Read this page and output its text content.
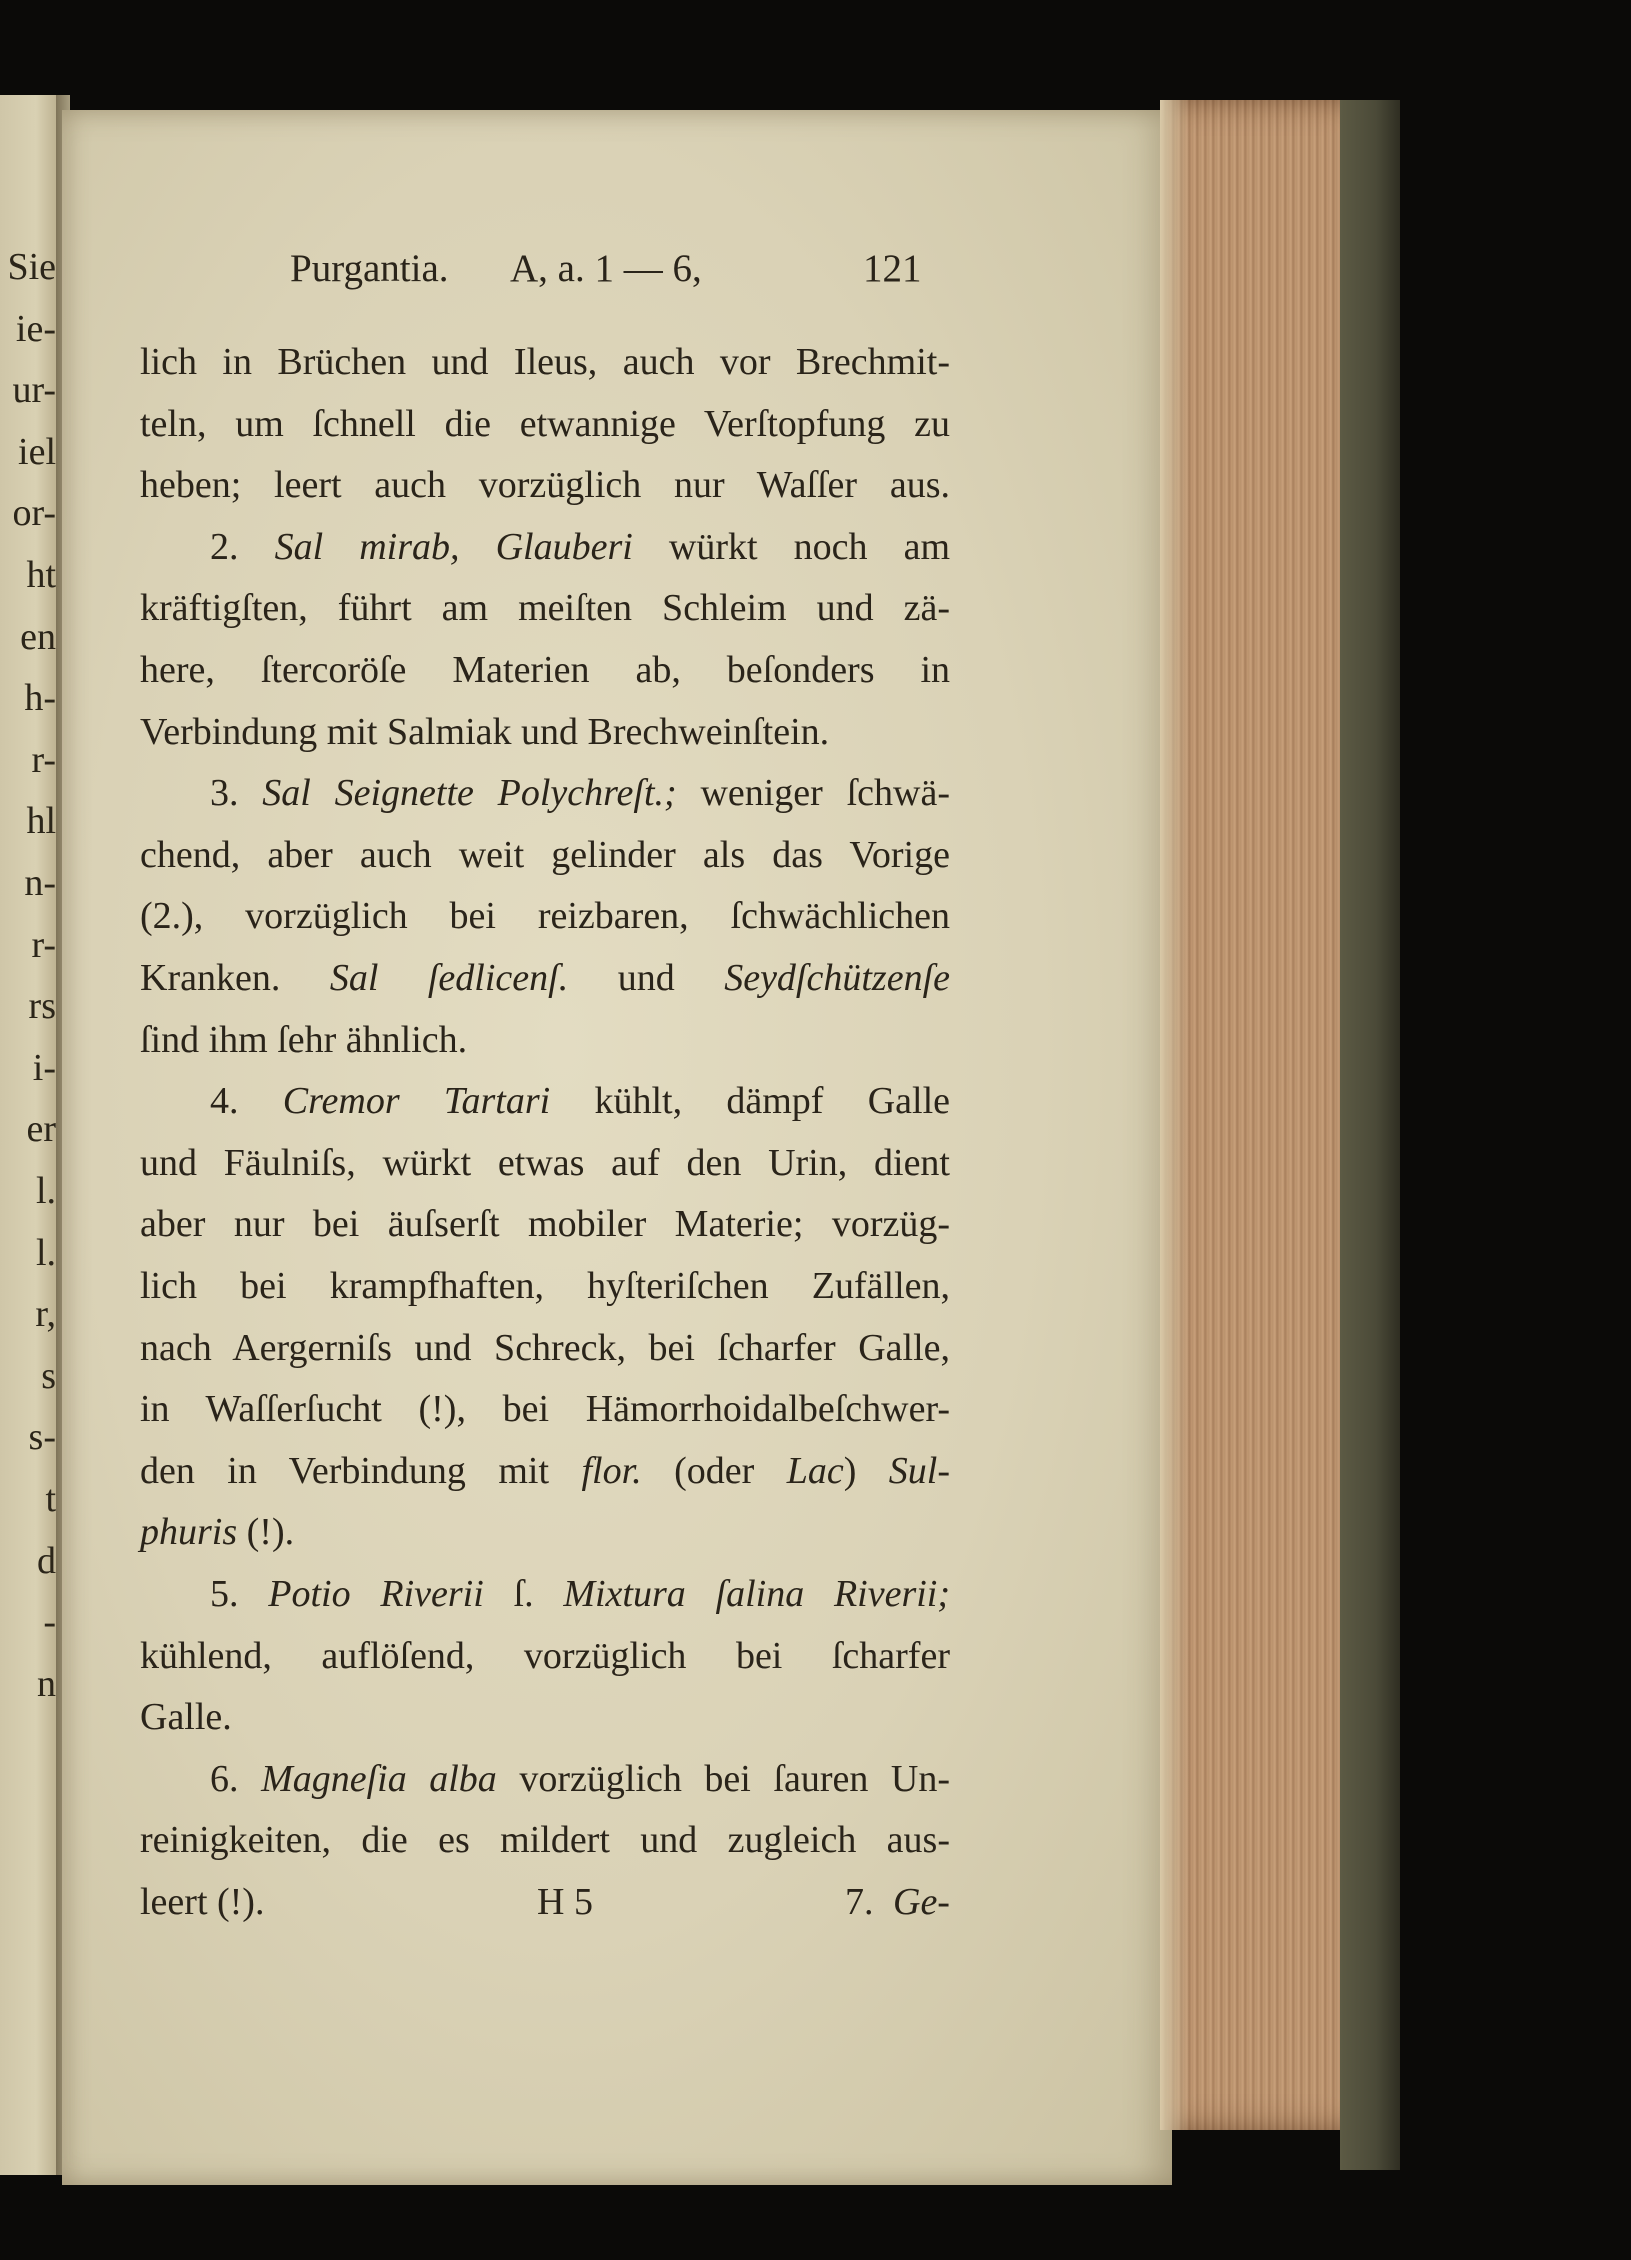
Sie
ie-
ur-
iel
or-
ht
en
h-
r-
hl
n-
r-
rs
i-
er
l.
l.
r,
s
s-
t
d
-
n
Purgantia. A, a. 1 — 6,	121
lich in Brüchen und Ileus, auch vor Brechmit-
teln, um ſchnell die etwannige Verſtopfung zu
heben; leert auch vorzüglich nur Waſſer aus.
2. Sal mirab, Glauberi würkt noch am
kräftigſten, führt am meiſten Schleim und zä-
here, ſtercoröſe Materien ab, beſonders in
Verbindung mit Salmiak und Brechweinſtein.
3. Sal Seignette Polychreſt.; weniger ſchwä-
chend, aber auch weit gelinder als das Vorige
(2.), vorzüglich bei reizbaren, ſchwächlichen
Kranken. Sal ſedlicenſ. und Seydſchützenſe
ſind ihm ſehr ähnlich.
4. Cremor Tartari kühlt, dämpf Galle
und Fäulniſs, würkt etwas auf den Urin, dient
aber nur bei äuſserſt mobiler Materie; vorzüg-
lich bei krampfhaften, hyſteriſchen Zufällen,
nach Aergerniſs und Schreck, bei ſcharfer Galle,
in Waſſerſucht (!), bei Hämorrhoidalbeſchwer-
den in Verbindung mit flor. (oder Lac) Sul-
phuris (!).
5. Potio Riverii ſ. Mixtura ſalina Riverii;
kühlend, auflöſend, vorzüglich bei ſcharfer
Galle.
6. Magneſia alba vorzüglich bei ſauren Un-
reinigkeiten, die es mildert und zugleich aus-
leert (!).	H 5	7. Ge-
